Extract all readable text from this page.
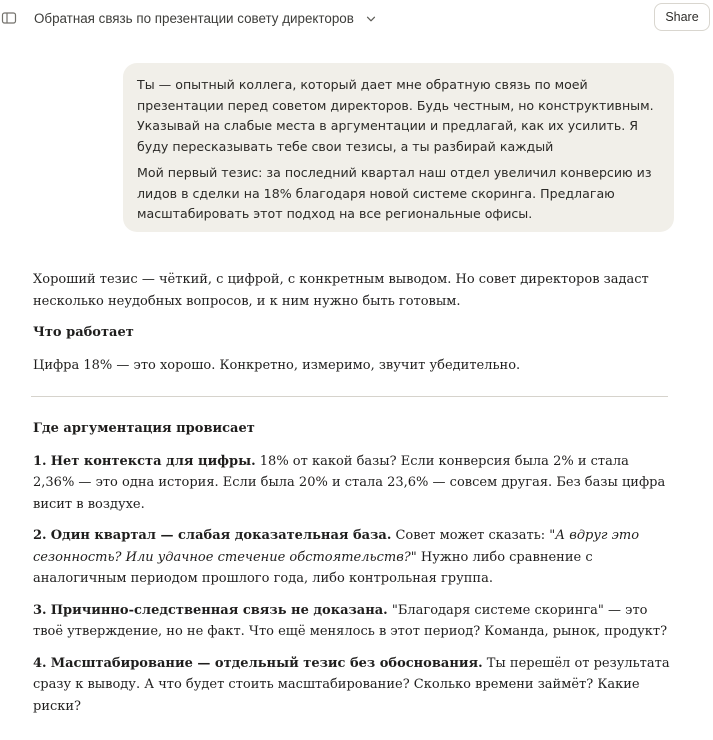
Обратная связь по презентации совету директоров	Share

Ты — опытный коллега, который дает мне обратную связь по моей презентации перед советом директоров. Будь честным, но конструктивным. Указывай на слабые места в аргументации и предлагай, как их усилить. Я буду пересказывать тебе свои тезисы, а ты разбирай каждый

Мой первый тезис: за последний квартал наш отдел увеличил конверсию из лидов в сделки на 18% благодаря новой системе скоринга. Предлагаю масштабировать этот подход на все региональные офисы.

Хороший тезис — чёткий, с цифрой, с конкретным выводом. Но совет директоров задаст несколько неудобных вопросов, и к ним нужно быть готовым.

Что работает

Цифра 18% — это хорошо. Конкретно, измеримо, звучит убедительно.

Где аргументация провисает

1. Нет контекста для цифры. 18% от какой базы? Если конверсия была 2% и стала 2,36% — это одна история. Если была 20% и стала 23,6% — совсем другая. Без базы цифра висит в воздухе.

2. Один квартал — слабая доказательная база. Совет может сказать: "А вдруг это сезонность? Или удачное стечение обстоятельств?" Нужно либо сравнение с аналогичным периодом прошлого года, либо контрольная группа.

3. Причинно-следственная связь не доказана. "Благодаря системе скоринга" — это твоё утверждение, но не факт. Что ещё менялось в этот период? Команда, рынок, продукт?

4. Масштабирование — отдельный тезис без обоснования. Ты перешёл от результата сразу к выводу. А что будет стоить масштабирование? Сколько времени займёт? Какие риски?
